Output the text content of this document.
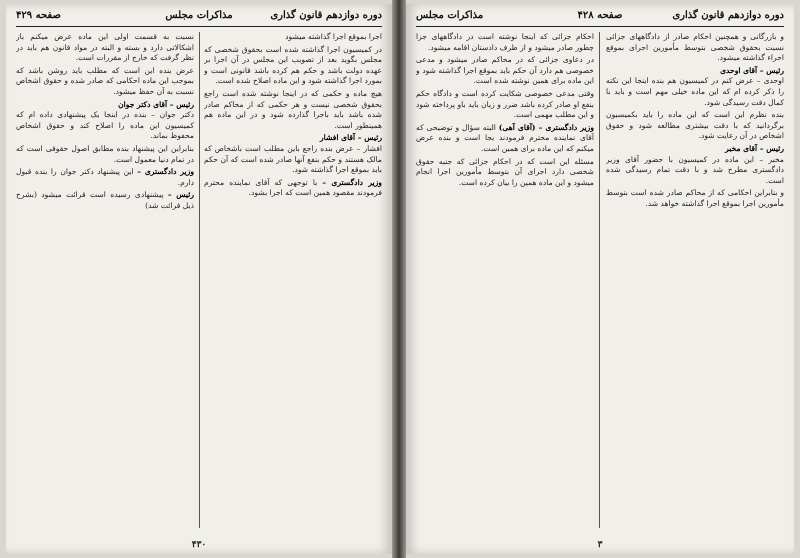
دوره دوازدهم قانون گذاری
مذاکرات مجلس
صفحه ۴۲۹

اجرا بموقع اجرا گذاشته میشود

در کمیسیون اجرا گذاشته شده است بحقوق شخصی که مجلس بگوید بعد از تصویب این مجلس در آن اجرا بر عهده دولت باشد و حکم هم کرده باشد قانونی است و بمورد اجرا گذاشته شود و این ماده اصلاح شده است.

هیچ ماده و حکمی که در اینجا نوشته شده است راجع بحقوق شخصی نیست و هر حکمی که از محاکم صادر شده باشد باید باجرا گذارده شود و در این ماده هم همینطور است.

رئیس – آقای افشار
افشار – عرض بنده راجع باین مطلب است باشخاص که مالک هستند و حکم بنفع آنها صادر شده است که آن حکم باید بموقع اجرا گذاشته شود.

وزیر دادگستری – با توجهی که آقای نماینده محترم فرمودند مقصود همین است که اجرا بشود.

نسبت به قسمت اولی این ماده عرض میکنم باز اشکالاتی دارد و بسته و البته در مواد قانون هم باید در نظر گرفت که خارج از مقررات است.

عرض بنده این است که مطلب باید روشن باشد که بموجب این ماده احکامی که صادر شده و حقوق اشخاص نسبت به آن حفظ میشود.

رئیس – آقای دکتر جوان
دکتر جوان – بنده در اینجا یک پیشنهادی داده ام که کمیسیون این ماده را اصلاح کند و حقوق اشخاص محفوظ بماند.

بنابراین این پیشنهاد بنده مطابق اصول حقوقی است که در تمام دنیا معمول است.

وزیر دادگستری – این پیشنهاد دکتر جوان را بنده قبول دارم.

رئیس – پیشنهادی رسیده است قرائت میشود (بشرح ذیل قرائت شد)

۴۳۰
دوره دوازدهم قانون گذاری
صفحه ۴۲۸
مذاکرات مجلس

و بازرگانی و همچنین احکام صادر از دادگاههای جزائی نسبت بحقوق شخصی بتوسط مأمورین اجرای بموقع اجراء گذاشته میشود.

رئیس – آقای اوحدی
اوحدی – عرض کنم در کمیسیون هم بنده اینجا این نکته را ذکر کرده ام که این ماده خیلی مهم است و باید با کمال دقت رسیدگی شود.

بنده نظرم این است که این ماده را باید بکمیسیون برگردانید که با دقت بیشتری مطالعه شود و حقوق اشخاص در آن رعایت شود.

رئیس – آقای مخبر
مخبر – این ماده در کمیسیون با حضور آقای وزیر دادگستری مطرح شد و با دقت تمام رسیدگی شده است.

و بنابراین احکامی که از محاکم صادر شده است بتوسط مأمورین اجرا بموقع اجرا گذاشته خواهد شد.

احکام جزائی که اینجا نوشته است در دادگاههای جزا چطور صادر میشود و از طرف دادستان اقامه میشود.

در دعاوی جزائی که در محاکم صادر میشود و مدعی خصوصی هم دارد آن حکم باید بموقع اجرا گذاشته شود و این ماده برای همین نوشته شده است.

وقتی مدعی خصوصی شکایت کرده است و دادگاه حکم بنفع او صادر کرده باشد ضرر و زیان باید باو پرداخته شود و این مطلب مهمی است.

وزیر دادگستری – (آقای آهی) البته سؤال و توضیحی که آقای نماینده محترم فرمودند بجا است و بنده عرض میکنم که این ماده برای همین است.

مسئله این است که در احکام جزائی که جنبه حقوق شخصی دارد اجرای آن بتوسط مأمورین اجرا انجام میشود و این ماده همین را بیان کرده است.

۳
